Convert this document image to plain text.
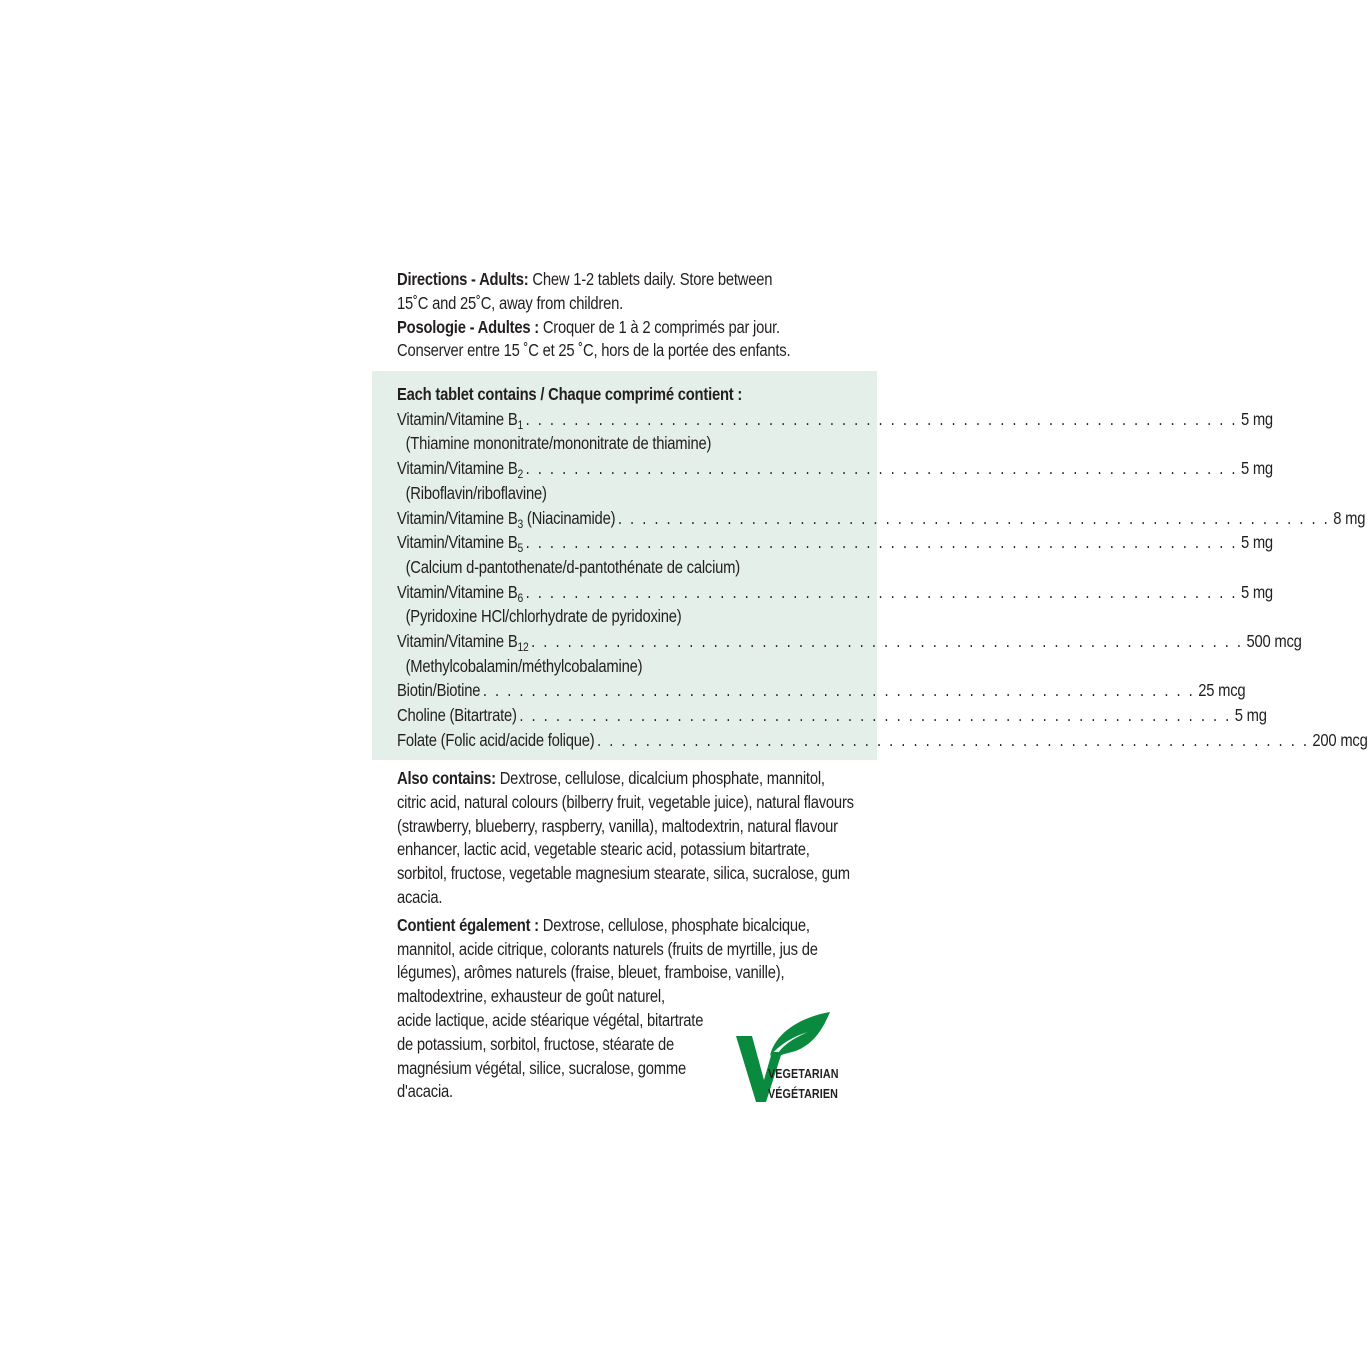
Directions - Adults: Chew 1-2 tablets daily. Store between
15˚C and 25˚C, away from children.

Posologie - Adultes : Croquer de 1 à 2 comprimés par jour.
Conserver entre 15 ˚C et 25 ˚C, hors de la portée des enfants.

Each tablet contains / Chaque comprimé contient :
Vitamin/Vitamine $B_1$ . . . . . . . . . . . . . . . . . . . . . . . . . . . . . . . . . . . . . . . . . . . . . . . . . . . . . . . . . . . 5 mg
(Thiamine mononitrate/mononitrate de thiamine)
Vitamin/Vitamine $B_2$ . . . . . . . . . . . . . . . . . . . . . . . . . . . . . . . . . . . . . . . . . . . . . . . . . . . . . . . . . . . 5 mg
(Riboflavin/riboflavine)
Vitamin/Vitamine $B_3$ (Niacinamide) . . . . . . . . . . . . . . . . . . . . . . . . . . . . . . . . . . . . . . . . . . . . . . . . . . . . . . . . . . . 8 mg
Vitamin/Vitamine $B_5$ . . . . . . . . . . . . . . . . . . . . . . . . . . . . . . . . . . . . . . . . . . . . . . . . . . . . . . . . . . . 5 mg
(Calcium d-pantothenate/d-pantothénate de calcium)
Vitamin/Vitamine $B_6$ . . . . . . . . . . . . . . . . . . . . . . . . . . . . . . . . . . . . . . . . . . . . . . . . . . . . . . . . . . . 5 mg
(Pyridoxine HCl/chlorhydrate de pyridoxine)
Vitamin/Vitamine $B_{12}$ . . . . . . . . . . . . . . . . . . . . . . . . . . . . . . . . . . . . . . . . . . . . . . . . . . . . . . . . . . . 500 mcg
(Methylcobalamin/méthylcobalamine)
Biotin/Biotine . . . . . . . . . . . . . . . . . . . . . . . . . . . . . . . . . . . . . . . . . . . . . . . . . . . . . . . . . . . 25 mcg
Choline (Bitartrate) . . . . . . . . . . . . . . . . . . . . . . . . . . . . . . . . . . . . . . . . . . . . . . . . . . . . . . . . . . . 5 mg
Folate (Folic acid/acide folique) . . . . . . . . . . . . . . . . . . . . . . . . . . . . . . . . . . . . . . . . . . . . . . . . . . . . . . . . . . . 200 mcg

Also contains: Dextrose, cellulose, dicalcium phosphate, mannitol, citric acid, natural colours (bilberry fruit, vegetable juice), natural flavours (strawberry, blueberry, raspberry, vanilla), maltodextrin, natural flavour enhancer, lactic acid, vegetable stearic acid, potassium bitartrate, sorbitol, fructose, vegetable magnesium stearate, silica, sucralose, gum acacia.

Contient également : Dextrose, cellulose, phosphate bicalcique, mannitol, acide citrique, colorants naturels (fruits de myrtille, jus de légumes), arômes naturels (fraise, bleuet, framboise, vanille), maltodextrine, exhausteur de goût naturel,

acide lactique, acide stéarique végétal, bitartrate de potassium, sorbitol, fructose, stéarate de magnésium végétal, silice, sucralose, gomme d'acacia.

VEGETARIAN
VÉGÉTARIEN
